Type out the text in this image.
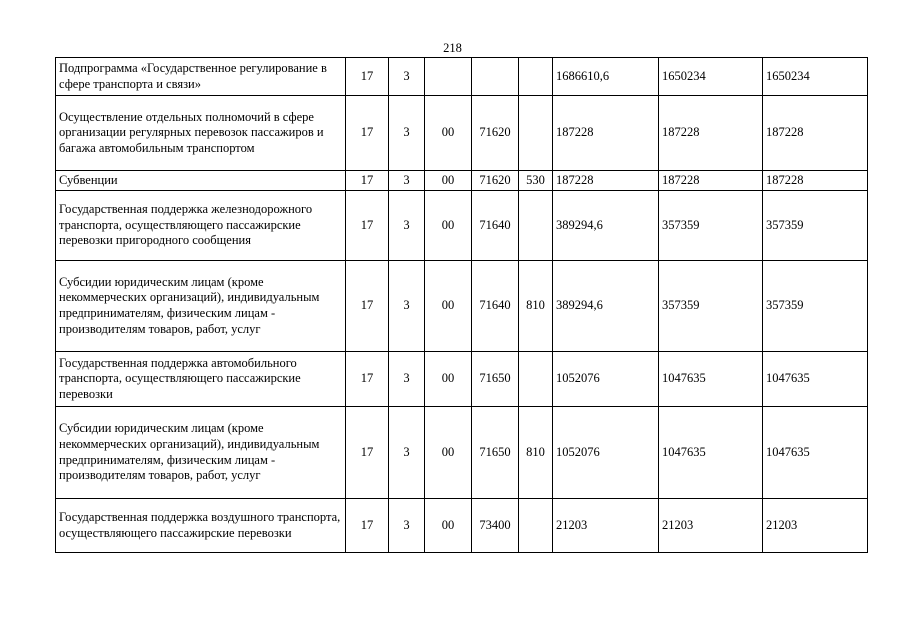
218
Подпрограмма «Государственное регулирование в сфере транспорта и связи»	17	3				1686610,6	1650234	1650234
Осуществление отдельных полномочий в сфере организации регулярных перевозок пассажиров и багажа автомобильным транспортом	17	3	00	71620		187228	187228	187228
Субвенции	17	3	00	71620	530	187228	187228	187228
Государственная поддержка железнодорожного транспорта, осуществляющего пассажирские перевозки пригородного сообщения	17	3	00	71640		389294,6	357359	357359
Субсидии юридическим лицам (кроме некоммерческих организаций), индивидуальным предпринимателям, физическим лицам - производителям товаров, работ, услуг	17	3	00	71640	810	389294,6	357359	357359
Государственная поддержка автомобильного транспорта, осуществляющего пассажирские перевозки	17	3	00	71650		1052076	1047635	1047635
Субсидии юридическим лицам (кроме некоммерческих организаций), индивидуальным предпринимателям, физическим лицам - производителям товаров, работ, услуг	17	3	00	71650	810	1052076	1047635	1047635
Государственная поддержка воздушного транспорта, осуществляющего пассажирские перевозки	17	3	00	73400		21203	21203	21203
